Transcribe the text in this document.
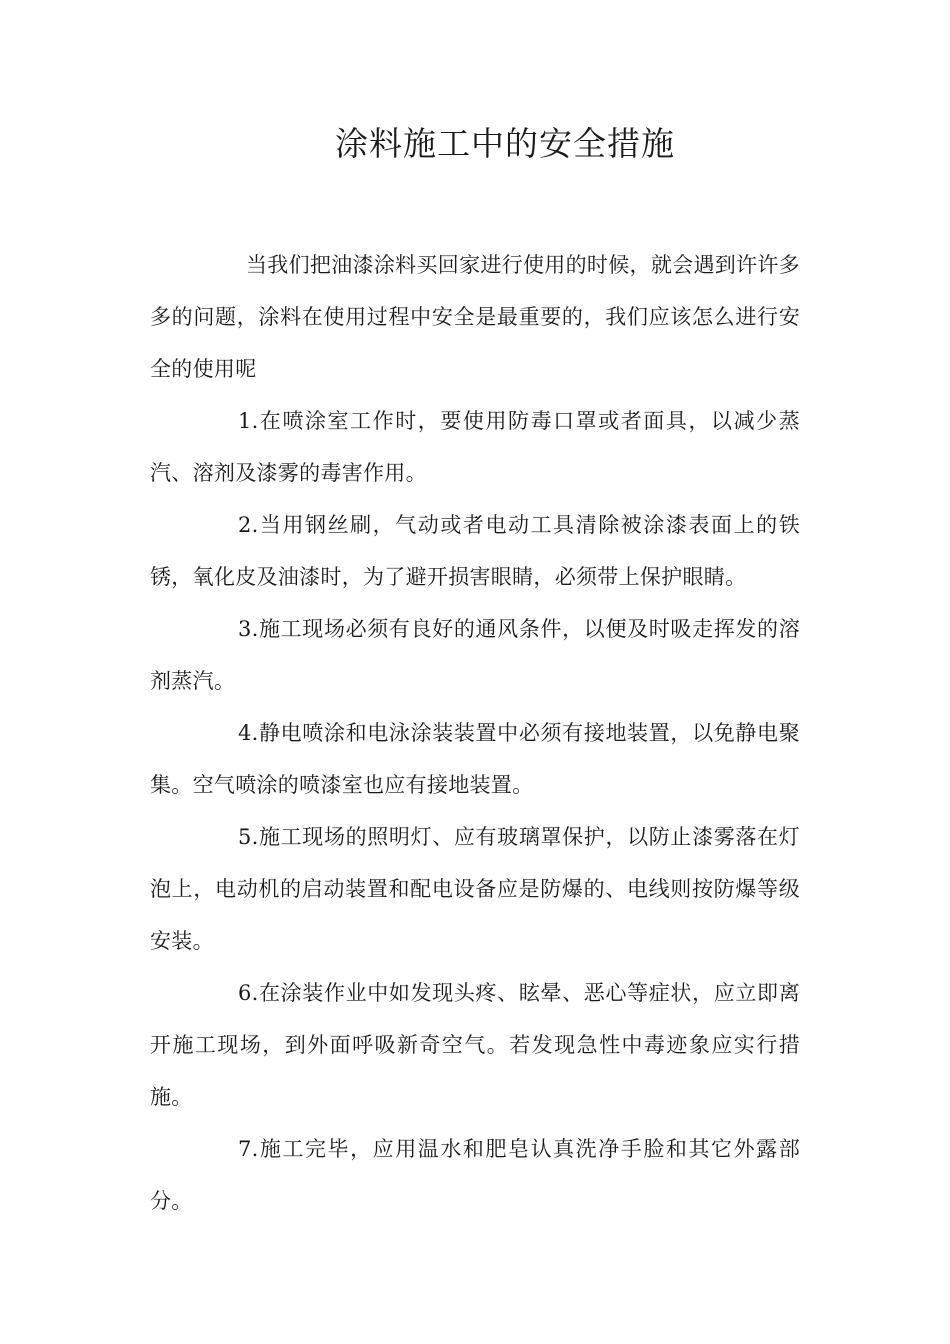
涂料施工中的安全措施

当我们把油漆涂料买回家进行使用的时候，就会遇到许许多多的问题，涂料在使用过程中安全是最重要的，我们应该怎么进行安全的使用呢

1.在喷涂室工作时，要使用防毒口罩或者面具，以减少蒸汽、溶剂及漆雾的毒害作用。

2.当用钢丝刷，气动或者电动工具清除被涂漆表面上的铁锈，氧化皮及油漆时，为了避开损害眼睛，必须带上保护眼睛。

3.施工现场必须有良好的通风条件，以便及时吸走挥发的溶剂蒸汽。

4.静电喷涂和电泳涂装装置中必须有接地装置，以免静电聚集。空气喷涂的喷漆室也应有接地装置。

5.施工现场的照明灯、应有玻璃罩保护，以防止漆雾落在灯泡上，电动机的启动装置和配电设备应是防爆的、电线则按防爆等级安装。

6.在涂装作业中如发现头疼、眩晕、恶心等症状，应立即离开施工现场，到外面呼吸新奇空气。若发现急性中毒迹象应实行措施。

7.施工完毕，应用温水和肥皂认真洗净手脸和其它外露部分。
